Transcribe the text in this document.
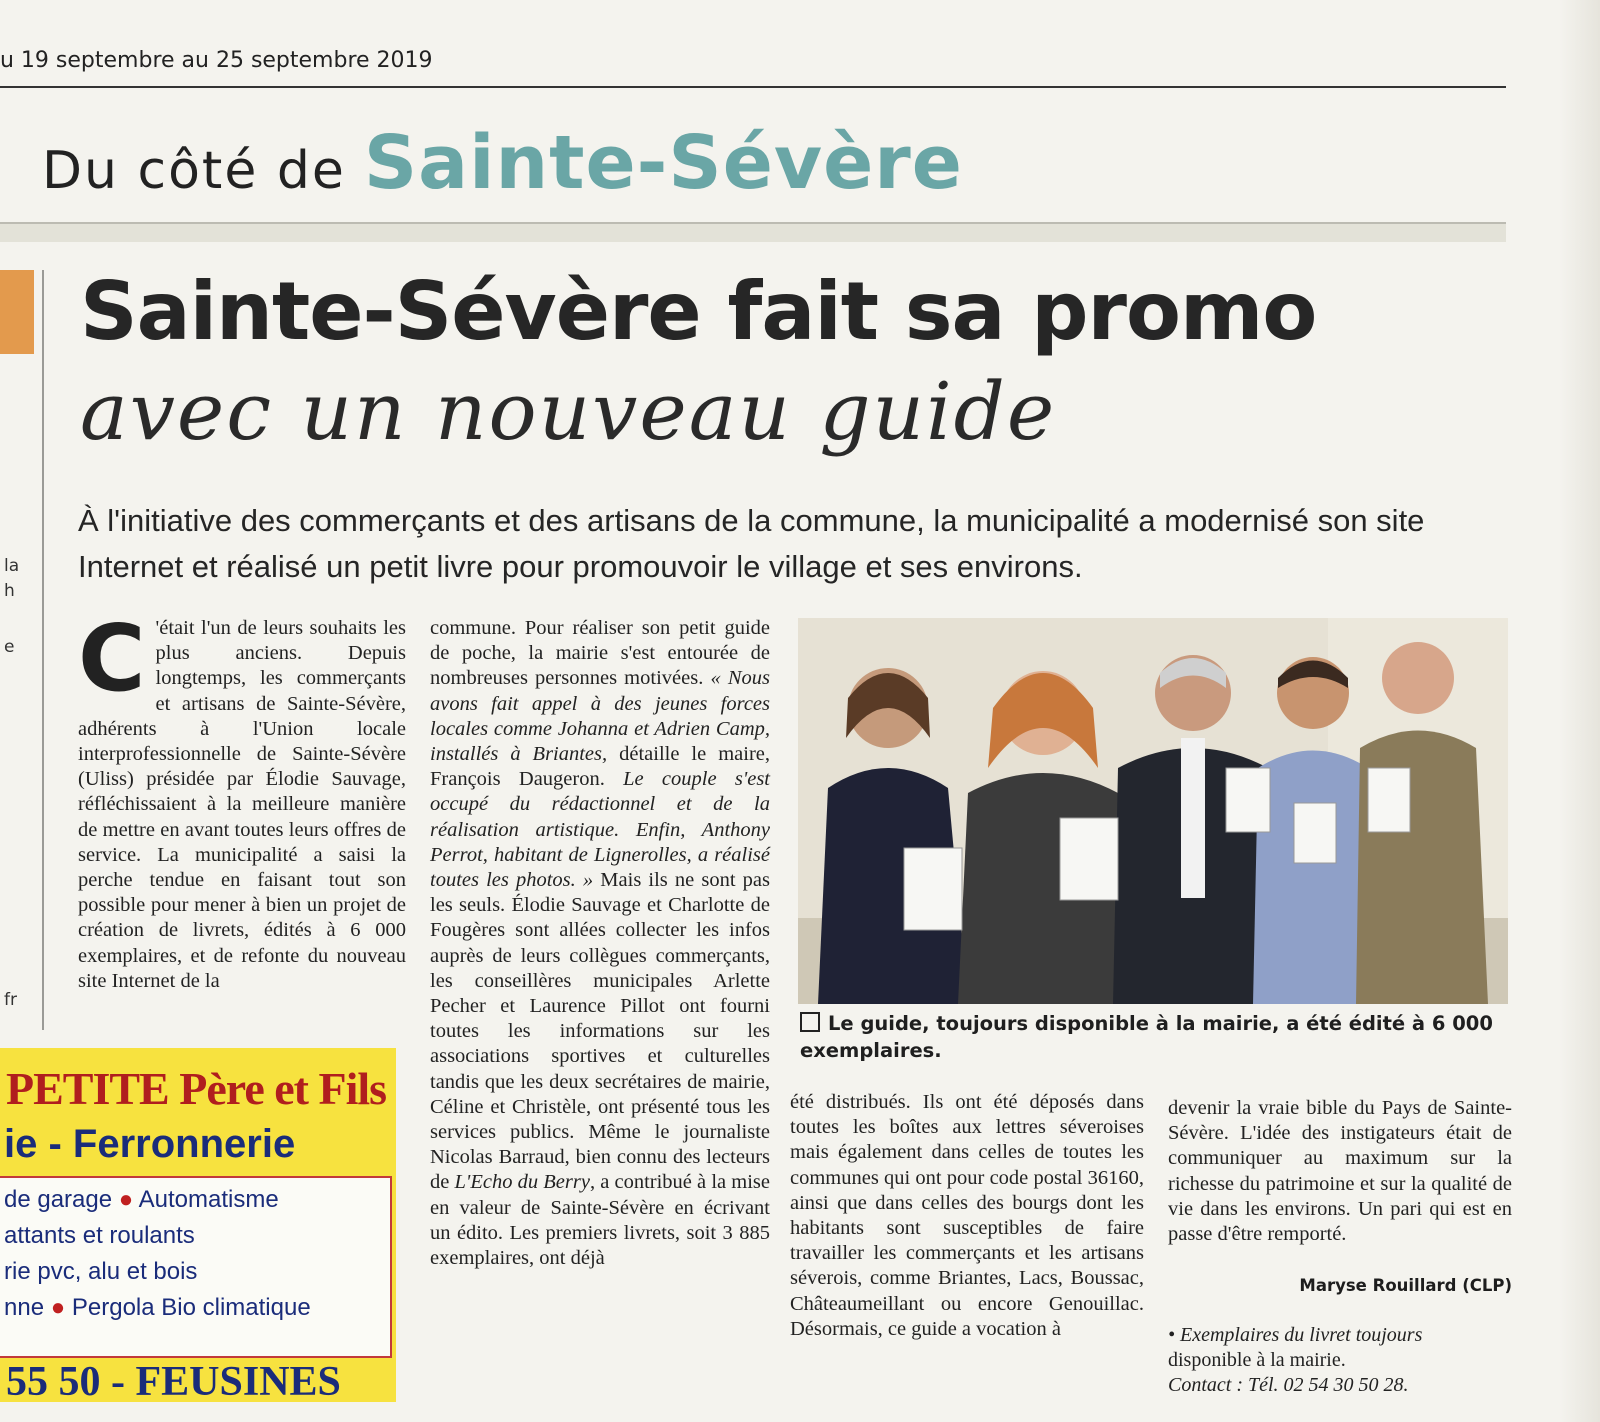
u 19 septembre au 25 septembre 2019
Du côté de Sainte-Sévère
la
h
e
fr
Sainte-Sévère fait sa promo
avec un nouveau guide
À l'initiative des commerçants et des artisans de la commune, la municipalité a modernisé son site Internet et réalisé un petit livre pour promouvoir le village et ses environs.
C 'était l'un de leurs souhaits les plus anciens. Depuis longtemps, les commerçants et artisans de Sainte-Sévère, adhérents à l'Union locale interprofessionnelle de Sainte-Sévère (Uliss) présidée par Élodie Sauvage, réfléchissaient à la meilleure manière de mettre en avant toutes leurs offres de service. La municipalité a saisi la perche tendue en faisant tout son possible pour mener à bien un projet de création de livrets, édités à 6 000 exemplaires, et de refonte du nouveau site Internet de la
commune. Pour réaliser son petit guide de poche, la mairie s'est entourée de nombreuses personnes motivées. « Nous avons fait appel à des jeunes forces locales comme Johanna et Adrien Camp, installés à Briantes, détaille le maire, François Daugeron. Le couple s'est occupé du rédactionnel et de la réalisation artistique. Enfin, Anthony Perrot, habitant de Lignerolles, a réalisé toutes les photos. » Mais ils ne sont pas les seuls. Élodie Sauvage et Charlotte de Fougères sont allées collecter les infos auprès de leurs collègues commerçants, les conseillères municipales Arlette Pecher et Laurence Pillot ont fourni toutes les informations sur les associations sportives et culturelles tandis que les deux secrétaires de mairie, Céline et Christèle, ont présenté tous les services publics. Même le journaliste Nicolas Barraud, bien connu des lecteurs de L'Echo du Berry, a contribué à la mise en valeur de Sainte-Sévère en écrivant un édito. Les premiers livrets, soit 3 885 exemplaires, ont déjà
Le guide, toujours disponible à la mairie, a été édité à 6 000 exemplaires.
été distribués. Ils ont été déposés dans toutes les boîtes aux lettres séveroises mais également dans celles de toutes les communes qui ont pour code postal 36160, ainsi que dans celles des bourgs dont les habitants sont susceptibles de faire travailler les commerçants et les artisans séverois, comme Briantes, Lacs, Boussac, Châteaumeillant ou encore Genouillac. Désormais, ce guide a vocation à
devenir la vraie bible du Pays de Sainte-Sévère. L'idée des instigateurs était de communiquer au maximum sur la richesse du patrimoine et sur la qualité de vie dans les environs. Un pari qui est en passe d'être remporté.
Maryse Rouillard (CLP)
• Exemplaires du livret toujours
disponible à la mairie.
Contact : Tél. 02 54 30 50 28.
PETITE Père et Fils
ie - Ferronnerie
de garage ● Automatisme
attants et roulants
rie pvc, alu et bois
nne ● Pergola Bio climatique
55 50 - FEUSINES
